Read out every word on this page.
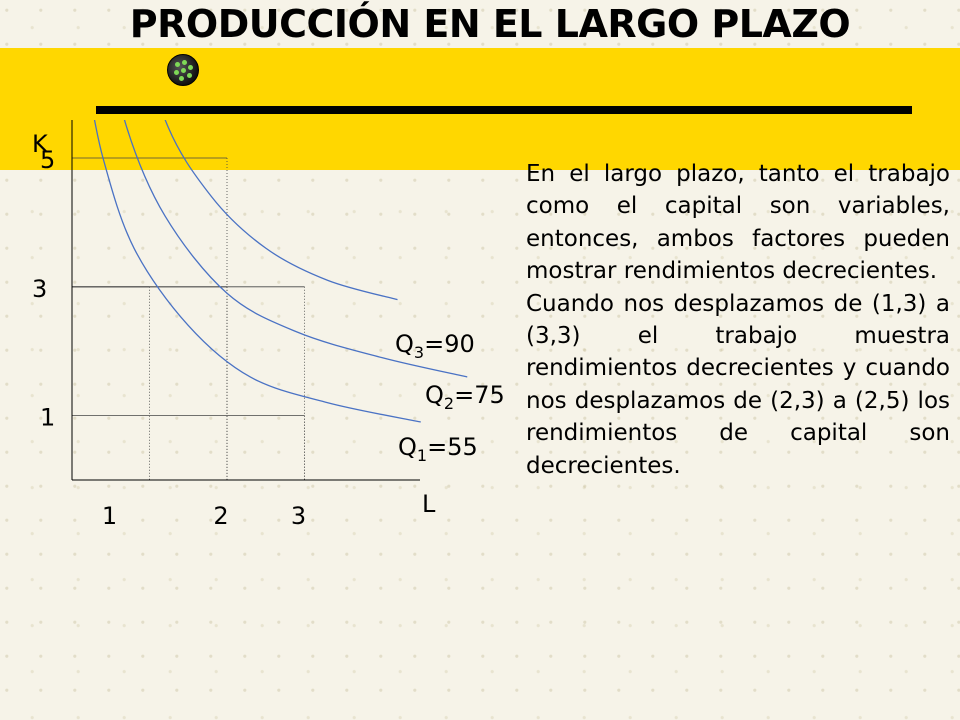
PRODUCCIÓN EN EL LARGO PLAZO
K
L
1	2	3
1
3
5
$Q_3=90$
$Q_2=75$
$Q_1=55$

En el largo plazo, tanto el trabajo como el capital son variables, entonces, ambos factores pueden mostrar rendimientos decrecientes.

Cuando nos desplazamos de (1,3) a (3,3) el trabajo muestra rendimientos decrecientes y cuando nos desplazamos de (2,3) a (2,5) los rendimientos de capital son decrecientes.
